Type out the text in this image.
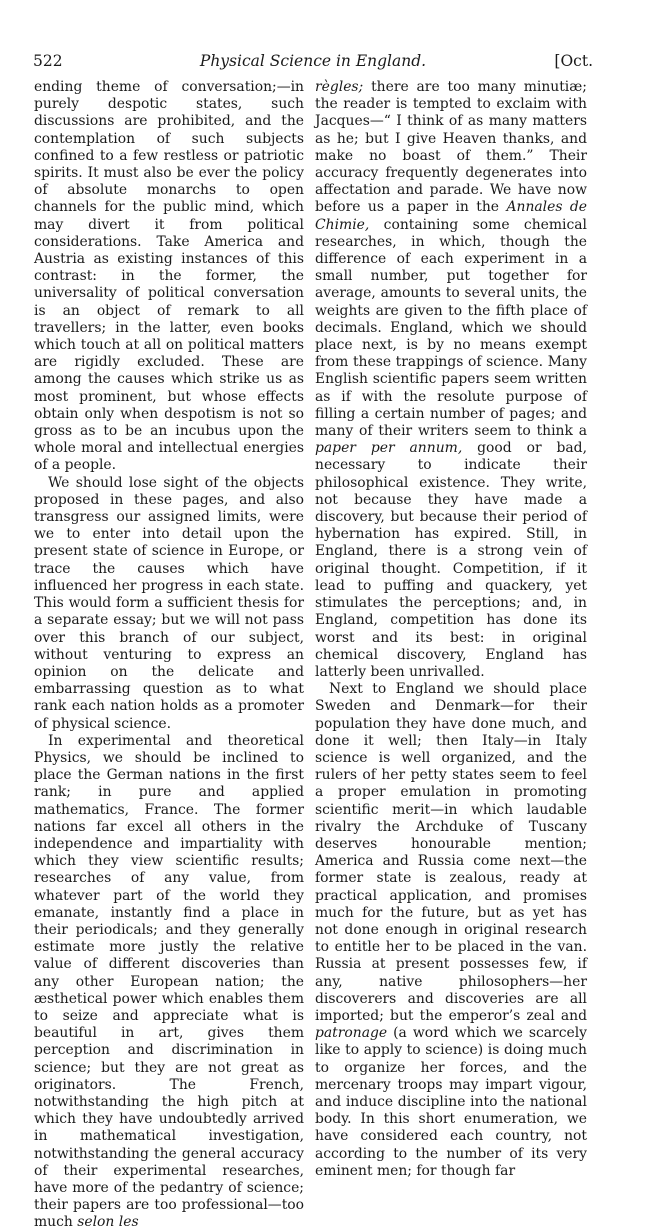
522	Physical Science in England.	[Oct.

ending theme of conversation;—in purely despotic states, such discussions are prohibited, and the contemplation of such subjects confined to a few restless or patriotic spirits. It must also be ever the policy of absolute monarchs to open channels for the public mind, which may divert it from political considerations. Take America and Austria as existing instances of this contrast: in the former, the universality of political conversation is an object of remark to all travellers; in the latter, even books which touch at all on political matters are rigidly excluded. These are among the causes which strike us as most prominent, but whose effects obtain only when despotism is not so gross as to be an incubus upon the whole moral and intellectual energies of a people.

We should lose sight of the objects proposed in these pages, and also transgress our assigned limits, were we to enter into detail upon the present state of science in Europe, or trace the causes which have influenced her progress in each state. This would form a sufficient thesis for a separate essay; but we will not pass over this branch of our subject, without venturing to express an opinion on the delicate and embarrassing question as to what rank each nation holds as a promoter of physical science.

In experimental and theoretical Physics, we should be inclined to place the German nations in the first rank; in pure and applied mathematics, France. The former nations far excel all others in the independence and impartiality with which they view scientific results; researches of any value, from whatever part of the world they emanate, instantly find a place in their periodicals; and they generally estimate more justly the relative value of different discoveries than any other European nation; the æsthetical power which enables them to seize and appreciate what is beautiful in art, gives them perception and discrimination in science; but they are not great as originators. The French, notwithstanding the high pitch at which they have undoubtedly arrived in mathematical investigation, notwithstanding the general accuracy of their experimental researches, have more of the pedantry of science; their papers are too professional—too much selon les

règles; there are too many minutiæ; the reader is tempted to exclaim with Jacques—“ I think of as many matters as he; but I give Heaven thanks, and make no boast of them.” Their accuracy frequently degenerates into affectation and parade. We have now before us a paper in the Annales de Chimie, containing some chemical researches, in which, though the difference of each experiment in a small number, put together for average, amounts to several units, the weights are given to the fifth place of decimals. England, which we should place next, is by no means exempt from these trappings of science. Many English scientific papers seem written as if with the resolute purpose of filling a certain number of pages; and many of their writers seem to think a paper per annum, good or bad, necessary to indicate their philosophical existence. They write, not because they have made a discovery, but because their period of hybernation has expired. Still, in England, there is a strong vein of original thought. Competition, if it lead to puffing and quackery, yet stimulates the perceptions; and, in England, competition has done its worst and its best: in original chemical discovery, England has latterly been unrivalled.

Next to England we should place Sweden and Denmark—for their population they have done much, and done it well; then Italy—in Italy science is well organized, and the rulers of her petty states seem to feel a proper emulation in promoting scientific merit—in which laudable rivalry the Archduke of Tuscany deserves honourable mention; America and Russia come next—the former state is zealous, ready at practical application, and promises much for the future, but as yet has not done enough in original research to entitle her to be placed in the van. Russia at present possesses few, if any, native philosophers—her discoverers and discoveries are all imported; but the emperor’s zeal and patronage (a word which we scarcely like to apply to science) is doing much to organize her forces, and the mercenary troops may impart vigour, and induce discipline into the national body. In this short enumeration, we have considered each country, not according to the number of its very eminent men; for though far
